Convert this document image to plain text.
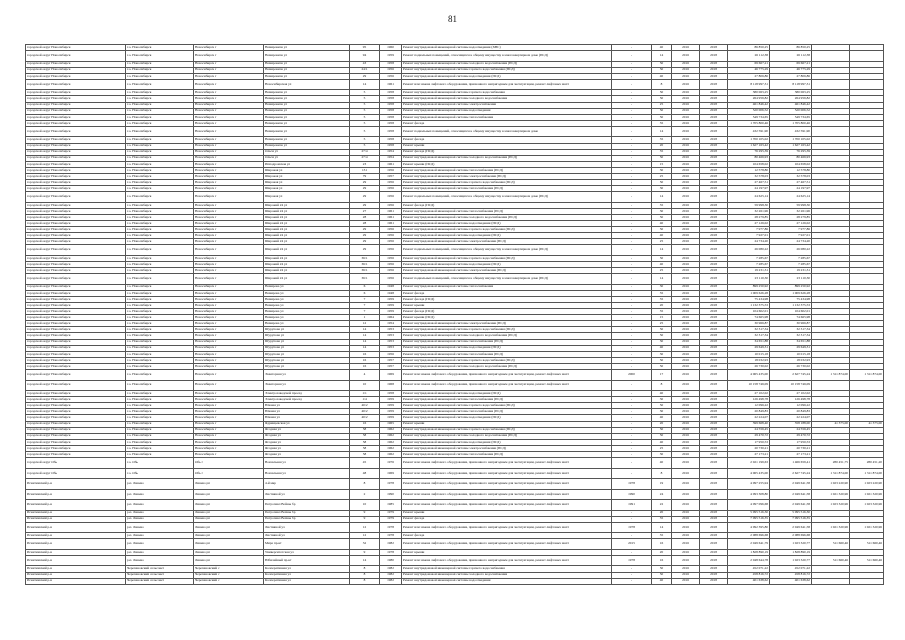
81
городской округ Новосибирск	г.о. Новосибирск	Новосибирск г	Немировича ул	95	1960	Ремонт внутридомовой инженерной системы водоотведения (ХВС)	-	40	2016	2018	86 850,25	86 850,25		
городской округ Новосибирск	г.о. Новосибирск	Новосибирск г	Немировича ул	94	1959	Ремонт подвальных помещений, относящихся к общему имуществу в многоквартирном доме (ПСД)	-	14	2016	2018	26 112,38	26 112,38		
городской округ Новосибирск	г.о. Новосибирск	Новосибирск г	Немировича ул	43	1958	Ремонт внутридомовой инженерной системы холодного водоснабжения (ПСД)	-	50	2016	2018	69 667,21	69 667,21		
городской округ Новосибирск	г.о. Новосибирск	Новосибирск г	Немировича ул	24/1	1956	Ремонт внутридомовой инженерной системы горячего водоснабжения (ПСД)	-	50	2016	2018	46 775,29	46 775,29		
городской округ Новосибирск	г.о. Новосибирск	Новосибирск г	Немировича ул	29	1956	Ремонт внутридомовой инженерной системы водоотведения (ПСД)	-	40	2016	2018	27 806,86	27 806,86		
городской округ Новосибирск	г.о. Новосибирск	Новосибирск г	Новосибирская ул	14	1961	Ремонт или замена лифтового оборудования, признанного непригодным для эксплуатации, ремонт лифтовых шахт	-	8	2016	2018	8 118 997,31	8 118 997,31		
городской округ Новосибирск	г.о. Новосибирск	Новосибирск г	Немировича ул	5	1958	Ремонт внутридомовой инженерной системы горячего водоснабжения	-	50	2016	2018	380 063,25	380 063,25		
городской округ Новосибирск	г.о. Новосибирск	Новосибирск г	Немировича ул	5	1958	Ремонт внутридомовой инженерной системы холодного водоснабжения	-	50	2016	2018	264 959,82	264 959,82		
городской округ Новосибирск	г.о. Новосибирск	Новосибирск г	Немировича ул	5	1958	Ремонт внутридомовой инженерной системы электроснабжения	-	25	2016	2018	461 846,42	461 846,42		
городской округ Новосибирск	г.о. Новосибирск	Новосибирск г	Немировича ул	5	1958	Ремонт внутридомовой инженерной системы водоотведения	-	50	2016	2018	520 006,52	520 006,52		
городской округ Новосибирск	г.о. Новосибирск	Новосибирск г	Немировича ул	5	1958	Ремонт внутридомовой инженерной системы теплоснабжения	-	50	2016	2018	549 734,65	549 734,65		
городской округ Новосибирск	г.о. Новосибирск	Новосибирск г	Немировича ул	5	1958	Ремонт фасада	-	35	2016	2018	1 705 800,46	1 705 800,46		
городской округ Новосибирск	г.о. Новосибирск	Новосибирск г	Немировича ул	5	1958	Ремонт подвальных помещений, относящихся к общему имуществу в многоквартирном доме	-	14	2016	2018	432 591,90	432 591,90		
городской округ Новосибирск	г.о. Новосибирск	Новосибирск г	Немировича ул	5	1958	Ремонт фасада	-	35	2016	2018	1 700 105,02	1 700 105,02		
городской округ Новосибирск	г.о. Новосибирск	Новосибирск г	Немировича ул	5	1958	Ремонт крыши	-	20	2016	2018	1 627 163,42	1 627 163,42		
городской округ Новосибирск	г.о. Новосибирск	Новосибирск г	Ольги ул	27/4	1954	Ремонт фасада (ПСД)	-	35	2016	2018	76 295,39	76 295,39		
городской округ Новосибирск	г.о. Новосибирск	Новосибирск г	Ольги ул	27/4	1954	Ремонт внутридомовой инженерной системы холодного водоснабжения (ПСД)	-	50	2016	2018	80 466,93	80 466,93		
городской округ Новосибирск	г.о. Новосибирск	Новосибирск г	Ипподромская ул	23	1961	Ремонт крыши (ПСД)	-	15	2016	2018	104 658,02	104 658,02		
городской округ Новосибирск	г.о. Новосибирск	Новосибирск г	Широкая ул	131	1956	Ремонт внутридомовой инженерной системы теплоснабжения (ПСД)	-	30	2016	2018	12 578,80	12 578,80		
городской округ Новосибирск	г.о. Новосибирск	Новосибирск г	Широкая ул	79	1957	Ремонт внутридомовой инженерной системы электроснабжения (ПСД)	-	25	2016	2018	32 578,03	32 578,03		
городской округ Новосибирск	г.о. Новосибирск	Новосибирск г	Широкая ул	29	1956	Ремонт внутридомовой инженерной системы горячего водоснабжения (ПСД)	-	50	2016	2018	27 467,51	27 467,51		
городской округ Новосибирск	г.о. Новосибирск	Новосибирск г	Широкая ул	29	1956	Ремонт внутридомовой инженерной системы теплоснабжения (ПСД)	-	30	2016	2018	24 197,97	24 197,97		
городской округ Новосибирск	г.о. Новосибирск	Новосибирск г	Широкая ул	29	1956	Ремонт подвальных помещений, относящихся к общему имуществу в многоквартирном доме (ПСД)	-	14	2016	2018	24 625,14	24 625,14		
городской округ Новосибирск	г.о. Новосибирск	Новосибирск г	Широкий 24 ул	29	1956	Ремонт фасада (ПСД)	-	35	2016	2018	59 998,30	59 998,30		
городской округ Новосибирск	г.о. Новосибирск	Новосибирск г	Широкий 24 ул	27	1961	Ремонт внутридомовой инженерной системы теплоснабжения (ПСД)	-	30	2016	2018	32 261,96	32 261,96		
городской округ Новосибирск	г.о. Новосибирск	Новосибирск г	Широкий 24 ул	28	1961	Ремонт внутридомовой инженерной системы холодного водоснабжения (ПСД)	-	50	2016	2018	28 279,85	28 279,85		
городской округ Новосибирск	г.о. Новосибирск	Новосибирск г	Широкий 24 ул	28	1961	Ремонт внутридомовой инженерной системы водоотведения (ПСД)	-	40	2016	2018	27 126,02	27 126,02		
городской округ Новосибирск	г.о. Новосибирск	Новосибирск г	Широкий 24 ул	29	1956	Ремонт внутридомовой инженерной системы горячего водоснабжения (ПСД)	-	50	2016	2018	7 977,86	7 977,86		
городской округ Новосибирск	г.о. Новосибирск	Новосибирск г	Широкий 24 ул	29	1956	Ремонт внутридомовой инженерной системы водоотведения (ПСД)	-	40	2016	2018	7 927,01	7 927,01		
городской округ Новосибирск	г.о. Новосибирск	Новосибирск г	Широкий 24 ул	29	1956	Ремонт внутридомовой инженерной системы электроснабжения (ПСД)	-	25	2016	2018	24 734,20	24 734,20		
городской округ Новосибирск	г.о. Новосибирск	Новосибирск г	Широкий 24 ул	29	1956	Ремонт подвальных помещений, относящихся к общему имуществу в многоквартирном доме (ПСД)	-	14	2016	2018	26 080,22	26 080,22		
городской округ Новосибирск	г.о. Новосибирск	Новосибирск г	Широкий 24 ул	36/1	1956	Ремонт внутридомовой инженерной системы горячего водоснабжения (ПСД)	-	50	2016	2018	7 285,67	7 285,67		
городской округ Новосибирск	г.о. Новосибирск	Новосибирск г	Широкий 24 ул	36/1	1956	Ремонт внутридомовой инженерной системы водоотведения (ПСД)	-	40	2016	2018	7 285,67	7 285,67		
городской округ Новосибирск	г.о. Новосибирск	Новосибирск г	Широкий 24 ул	36/1	1956	Ремонт внутридомовой инженерной системы электроснабжения (ПСД)	-	25	2016	2018	19 231,31	19 231,31		
городской округ Новосибирск	г.о. Новосибирск	Новосибирск г	Широкий 24 ул	36/1	1956	Ремонт подвальных помещений, относящихся к общему имуществу в многоквартирном доме (ПСД)	-	14	2016	2018	23 110,30	23 110,30		
городской округ Новосибирск	г.о. Новосибирск	Новосибирск г	Немирова ул	6	1948	Ремонт внутридомовой инженерной системы теплоснабжения	-	30	2016	2018	899 250,92	899 250,92		
городской округ Новосибирск	г.о. Новосибирск	Новосибирск г	Немирова ул	6	1948	Ремонт фасада	-	35	2016	2018	1 009 626,28	1 009 626,28		
городской округ Новосибирск	г.о. Новосибирск	Новосибирск г	Немирова ул	7	1959	Ремонт фасада (ПСД)	-	35	2016	2018	75 434,98	75 434,98		
городской округ Новосибирск	г.о. Новосибирск	Новосибирск г	Немирова ул	7	1959	Ремонт крыши	-	20	2016	2018	1 132 375,53	1 132 375,53		
городской округ Новосибирск	г.о. Новосибирск	Новосибирск г	Немирова ул	7	1959	Ремонт фасада (ПСД)	-	35	2016	2018	104 602,01	104 602,01		
городской округ Новосибирск	г.о. Новосибирск	Новосибирск г	Немирова ул	1	1964	Ремонт крыши (ПСД)	-	15	2016	2018	74 665,98	74 665,98		
городской округ Новосибирск	г.о. Новосибирск	Новосибирск г	Немирова ул	12	1954	Ремонт внутридомовой инженерной системы электроснабжения (ПСД)	-	25	2016	2018	30 966,87	30 966,87		
городской округ Новосибирск	г.о. Новосибирск	Новосибирск г	Шурупова ул	14	1953	Ремонт внутридомовой инженерной системы горячего водоснабжения (ПСД)	-	50	2016	2018	32 317,34	32 317,34		
городской округ Новосибирск	г.о. Новосибирск	Новосибирск г	Шурупова ул	14	1953	Ремонт внутридомовой инженерной системы холодного водоснабжения (ПСД)	-	50	2016	2018	32 317,34	32 317,34		
городской округ Новосибирск	г.о. Новосибирск	Новосибирск г	Шурупова ул	14	1953	Ремонт внутридомовой инженерной системы теплоснабжения (ПСД)	-	30	2016	2018	34 651,88	34 651,88		
городской округ Новосибирск	г.о. Новосибирск	Новосибирск г	Шурупова ул	14	1953	Ремонт внутридомовой инженерной системы водоотведения (ПСД)	-	40	2016	2018	29 649,31	29 649,31		
городской округ Новосибирск	г.о. Новосибирск	Новосибирск г	Шурупова ул	16	1956	Ремонт внутридомовой инженерной системы теплоснабжения (ПСД)	-	30	2016	2018	10 015,18	10 015,18		
городской округ Новосибирск	г.о. Новосибирск	Новосибирск г	Шурупова ул	16	1957	Ремонт внутридомовой инженерной системы горячего водоснабжения (ПСД)	-	50	2016	2018	18 032,93	18 032,93		
городской округ Новосибирск	г.о. Новосибирск	Новосибирск г	Шурупова ул	16	1957	Ремонт внутридомовой инженерной системы холодного водоснабжения (ПСД)	-	50	2016	2018	26 730,02	26 730,02		
городской округ Новосибирск	г.о. Новосибирск	Новосибирск г	Экваторная ул	4	1969	Ремонт или замена лифтового оборудования, признанного непригодным для эксплуатации, ремонт лифтовых шахт	2000	17	2016	2018	4 065 435,00	2 627 745,24	1 311 874,00	1 311 874,00
городской округ Новосибирск	г.о. Новосибирск	Новосибирск г	Экваторная ул	10	1968	Ремонт или замена лифтового оборудования, признанного непригодным для эксплуатации, ремонт лифтовых шахт	-	8	2016	2018	10 158 746,09	10 158 746,09		
городской округ Новосибирск	г.о. Новосибирск	Новосибирск г	Электрозаводской проезд	1/1	1958	Ремонт внутридомовой инженерной системы водоотведения (ПСД)	-	40	2016	2018	27 102,02	27 102,02		
городской округ Новосибирск	г.о. Новосибирск	Новосибирск г	Электрозаводской проезд	1/4	1959	Ремонт внутридомовой инженерной системы теплоснабжения (ПСД)	-	30	2016	2018	126 498,78	126 498,78		
городской округ Новосибирск	г.о. Новосибирск	Новосибирск г	Южная ул	40/2	1959	Ремонт внутридомовой инженерной системы горячего водоснабжения (ПСД)	-	50	2016	2018	12 096,22	12 096,22		
городской округ Новосибирск	г.о. Новосибирск	Новосибирск г	Южная ул	40/2	1959	Ремонт внутридомовой инженерной системы теплоснабжения (ПСД)	-	30	2016	2018	20 849,83	20 849,83		
городской округ Новосибирск	г.о. Новосибирск	Новосибирск г	Южная ул	40/2	1959	Ремонт внутридомовой инженерной системы водоотведения (ПСД)	-	40	2016	2018	22 224,07	22 224,07		
городской округ Новосибирск	г.о. Новосибирск	Новосибирск г	Ядринцевская ул	16	1965	Ремонт крыши	-	20	2016	2018	399 668,40	358 188,00	41 375,00	41 375,00
городской округ Новосибирск	г.о. Новосибирск	Новосибирск г	Ягодная ул	58	1962	Ремонт внутридомовой инженерной системы горячего водоснабжения (ПСД)	-	50	2016	2018	24 556,45	24 556,45		
городской округ Новосибирск	г.о. Новосибирск	Новосибирск г	Ягодная ул	58	1962	Ремонт внутридомовой инженерной системы холодного водоснабжения (ПСД)	-	50	2016	2018	29 470,72	29 470,72		
городской округ Новосибирск	г.о. Новосибирск	Новосибирск г	Ягодная ул	58	1962	Ремонт внутридомовой инженерной системы водоотведения (ПСД)	-	40	2016	2018	17 950,53	17 950,53		
городской округ Новосибирск	г.о. Новосибирск	Новосибирск г	Ягодная ул	58	1962	Ремонт внутридомовой инженерной системы электроснабжения (ПСД)	-	25	2016	2018	20 730,21	20 730,21		
городской округ Новосибирск	г.о. Новосибирск	Новосибирск г	Ягодная ул	58	1962	Ремонт внутридомовой инженерной системы теплоснабжения (ПСД)	-	30	2016	2018	27 173,21	27 173,21		
городской округ Обь	г.о. Обь	Обь г	Вокзальная ул	45	1976	Ремонт или замена лифтового оборудования, признанного непригодным для эксплуатации, ремонт лифтовых шахт	-	40	2016	2018	2 021 199,63	1 466 659,41	280 451,75	280 451,20
городской округ Обь	г.о. Обь	Обь г	Вокзальная ул	48	1969	Ремонт или замена лифтового оборудования, признанного непригодным для эксплуатации, ремонт лифтовых шахт	-	8	2016	2018	4 065 435,00	2 627 745,24	1 311 874,00	1 311 874,00
Искитимский р-н	р.п. Линево	Линево рп	4-й мкр	8	1978	Ремонт или замена лифтового оборудования, признанного непригодным для эксплуатации, ремонт лифтовых шахт	1978	19	2016	2018	4 097 255,94	2 049 641,58	1 023 220,90	1 023 220,90
Искитимский р-н	р.п. Линево	Линево рп	Листвяной ул	2	1990	Ремонт или замена лифтового оборудования, признанного непригодным для эксплуатации, ремонт лифтовых шахт	1990	24	2016	2018	4 093 308,80	2 049 641,58	1 021 320,96	1 021 320,96
Искитимский р-н	р.п. Линево	Линево рп	Петропавл Войны бр	10	1985	Ремонт или замена лифтового оборудования, признанного непригодным для эксплуатации, ремонт лифтовых шахт	1991	22	2016	2018	4 097 096,68	2 049 641,58	1 023 320,96	1 023 320,96
Искитимский р-н	р.п. Линево	Линево рп	Петропавл Войны бр	9	1979	Ремонт крыши	-	20	2016	2018	5 095 516,30	5 095 516,30		
Искитимский р-н	р.п. Линево	Линево рп	Петропавл Войны бр	9	1979	Ремонт фасада	-	35	2016	2018	7 095 516,35	7 095 516,35		
Искитимский р-н	р.п. Линево	Линево рп	Листвяной ул	12	1978	Ремонт или замена лифтового оборудования, признанного непригодным для эксплуатации, ремонт лифтовых шахт	1978	14	2016	2018	4 092 395,80	2 049 641,58	1 021 320,96	1 021 320,96
Искитимский р-н	р.п. Линево	Линево рп	Листвяной ул	12	1978	Ремонт фасада	-	35	2016	2018	2 088 696,68	2 088 696,68		
Искитимский р-н	р.п. Линево	Линево рп	Мира пр-кт	32	1982	Ремонт или замена лифтового оборудования, признанного непригодным для эксплуатации, ремонт лифтовых шахт	2015	16	2016	2018	2 049 641,79	1 023 320,77	511 660,46	511 660,46
Искитимский р-н	р.п. Линево	Линево рп	Университетская ул	9	1978	Ремонт крыши	-	20	2016	2018	1 828 890,19	1 828 890,19		
Искитимский р-н	р.п. Линево	Линево рп	Юбилейный пр-кт	14	1980	Ремонт или замена лифтового оборудования, признанного непригодным для эксплуатации, ремонт лифтовых шахт	1978	16	2016	2018	2 048 644,78	1 023 320,77	511 660,46	511 660,46
Искитимский р-н	Черепановский сельсовет	Черепановский с	Кооперативная ул	8	1982	Ремонт внутридомовой инженерной системы горячего водоснабжения	-	50	2016	2018	452 071,22	452 071,22		
Искитимский р-н	Черепановский сельсовет	Черепановский с	Кооперативная ул	8	1982	Ремонт внутридомовой инженерной системы холодного водоснабжения	-	50	2016	2018	458 816,72	458 816,72		
Искитимский р-н	Черепановский сельсовет	Черепановский с	Кооперативная ул	8	1982	Ремонт внутридомовой инженерной системы водоотведения	-	40	2016	2018	401 638,62	401 638,62		
